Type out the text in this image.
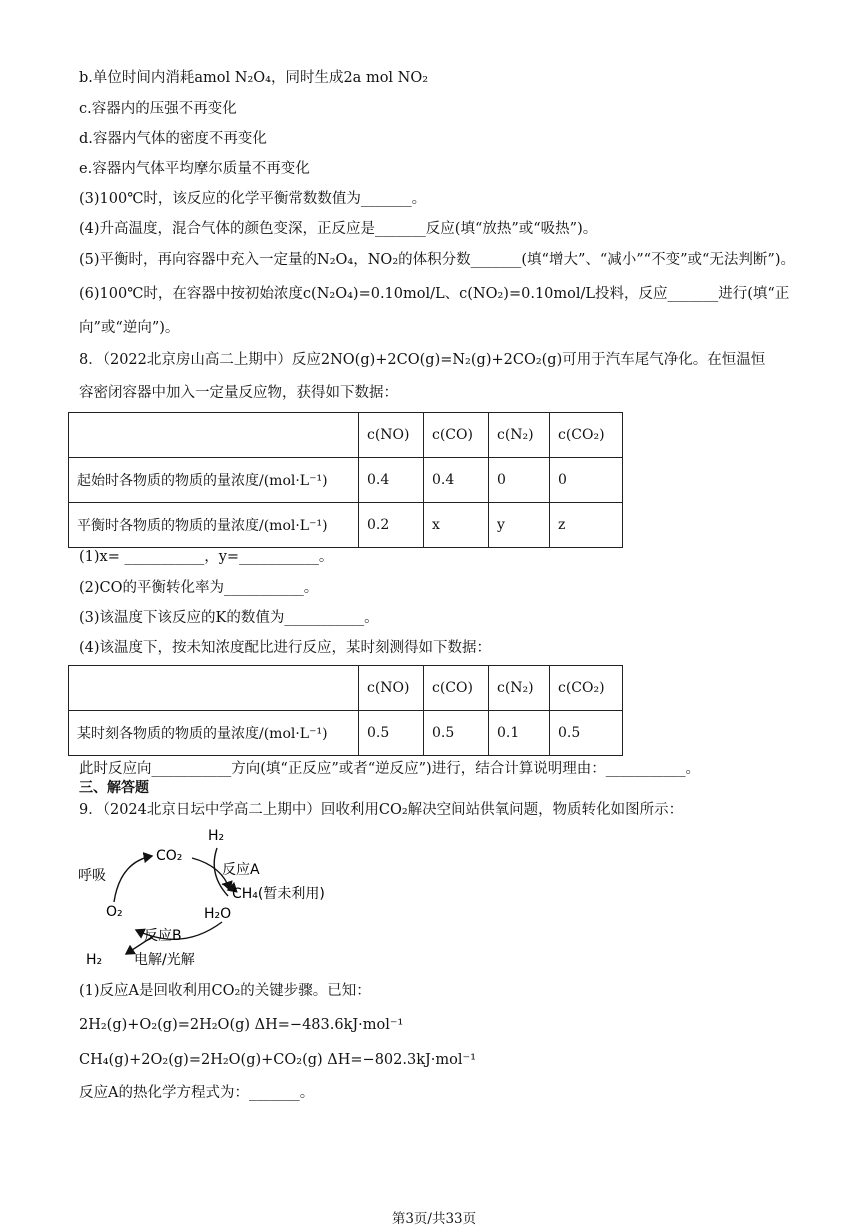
b.单位时间内消耗amol N₂O₄，同时生成2a mol NO₂
c.容器内的压强不再变化
d.容器内气体的密度不再变化
e.容器内气体平均摩尔质量不再变化
(3)100℃时，该反应的化学平衡常数数值为_______。
(4)升高温度，混合气体的颜色变深，正反应是_______反应(填“放热”或“吸热”)。
(5)平衡时，再向容器中充入一定量的N₂O₄，NO₂的体积分数_______(填“增大”、“减小”“不变”或“无法判断”)。
(6)100℃时，在容器中按初始浓度c(N₂O₄)=0.10mol/L、c(NO₂)=0.10mol/L投料，反应_______进行(填“正
向”或“逆向”)。
8．（2022北京房山高二上期中）反应2NO(g)+2CO(g)=N₂(g)+2CO₂(g)可用于汽车尾气净化。在恒温恒
容密闭容器中加入一定量反应物，获得如下数据：
	c(NO)	c(CO)	c(N₂)	c(CO₂)
起始时各物质的物质的量浓度/(mol·L⁻¹)	0.4	0.4	0	0
平衡时各物质的物质的量浓度/(mol·L⁻¹)	0.2	x	y	z
(1)x= ___________，y=___________。
(2)CO的平衡转化率为___________。
(3)该温度下该反应的K的数值为___________。
(4)该温度下，按未知浓度配比进行反应，某时刻测得如下数据：
	c(NO)	c(CO)	c(N₂)	c(CO₂)
某时刻各物质的物质的量浓度/(mol·L⁻¹)	0.5	0.5	0.1	0.5
此时反应向___________方向(填“正反应”或者“逆反应”)进行，结合计算说明理由：___________。
三、解答题
9．（2024北京日坛中学高二上期中）回收利用CO₂解决空间站供氧问题，物质转化如图所示：
H₂
CO₂
呼吸	反应A
CH₄(暂未利用)
O₂	H₂O
反应B
H₂ 电解/光解
(1)反应A是回收利用CO₂的关键步骤。已知：
2H₂(g)+O₂(g)=2H₂O(g) ΔH=−483.6kJ·mol⁻¹
CH₄(g)+2O₂(g)=2H₂O(g)+CO₂(g) ΔH=−802.3kJ·mol⁻¹
反应A的热化学方程式为：_______。
第3页/共33页
